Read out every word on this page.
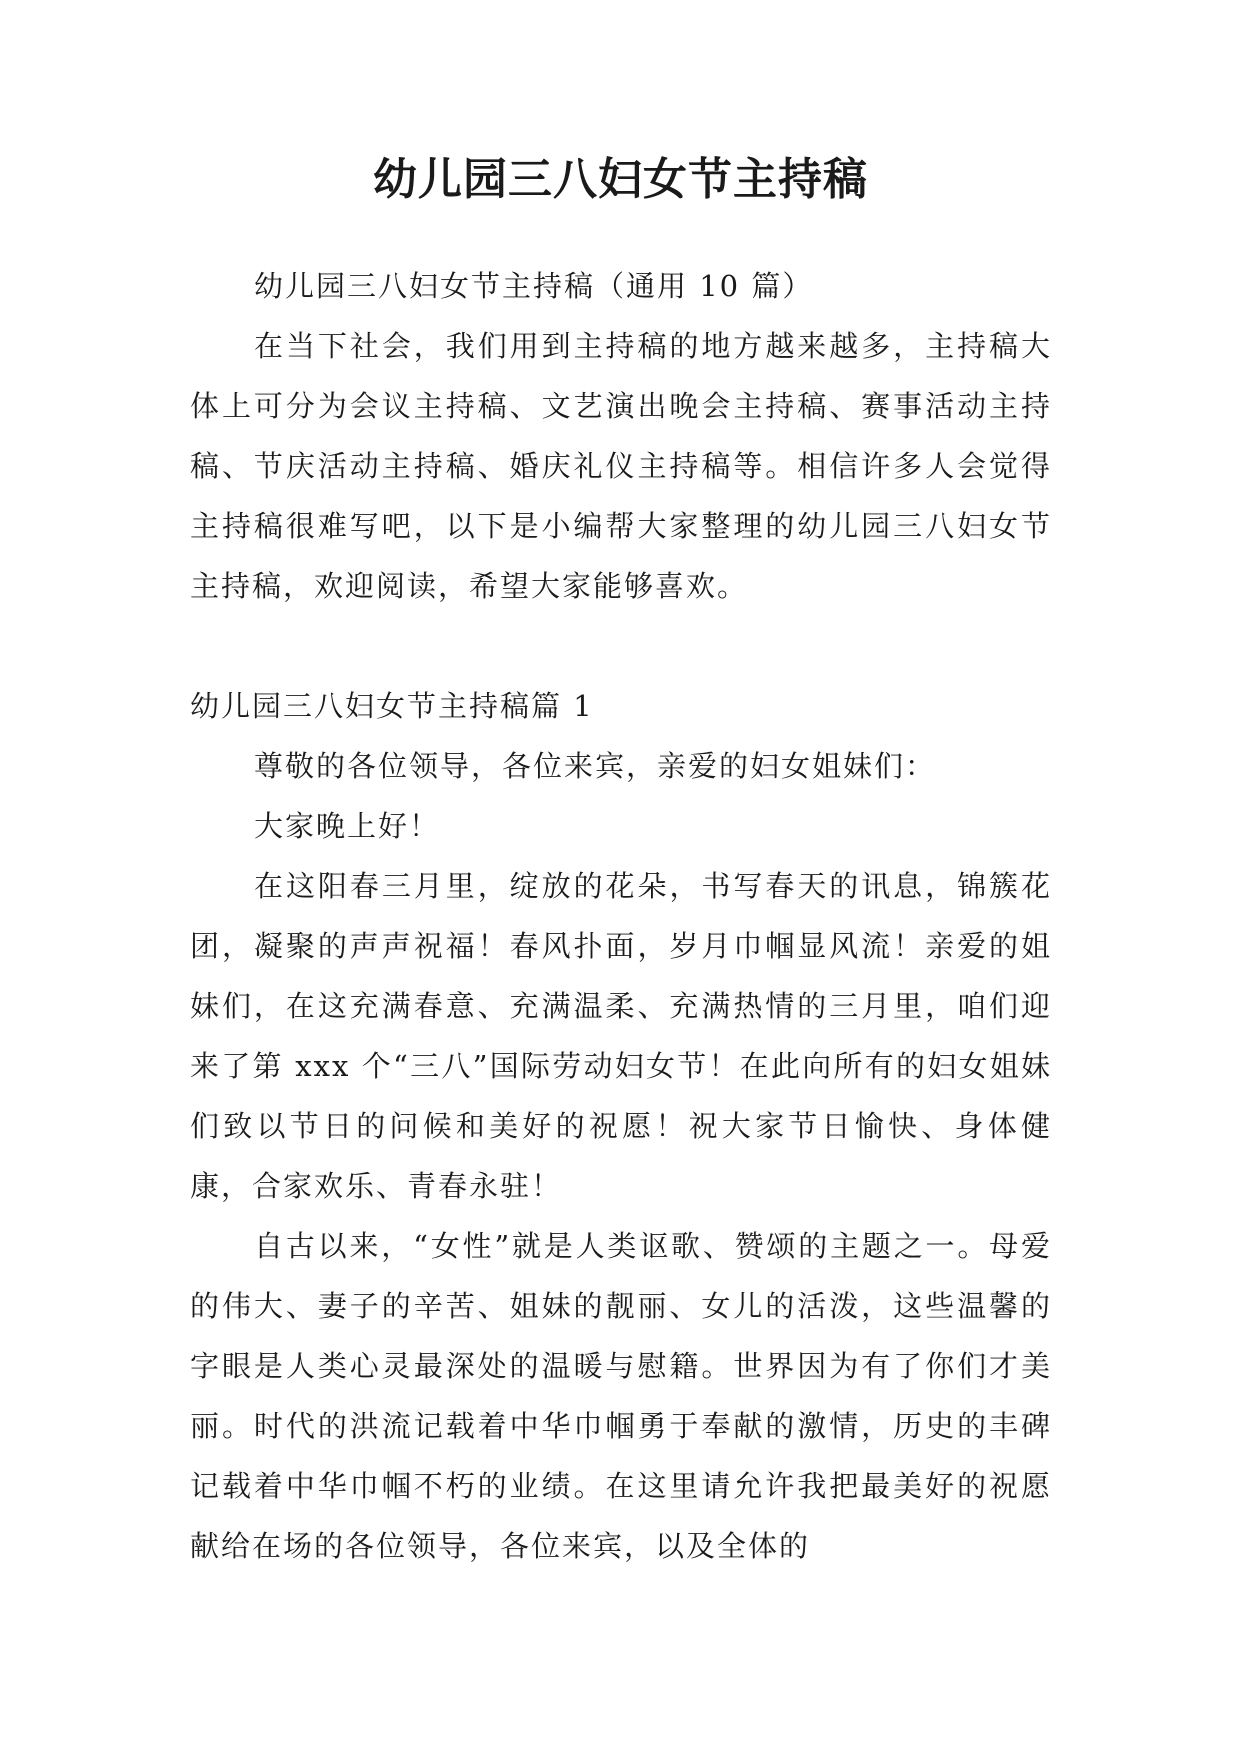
幼儿园三八妇女节主持稿

幼儿园三八妇女节主持稿（通用 10 篇）

在当下社会，我们用到主持稿的地方越来越多，主持稿大体上可分为会议主持稿、文艺演出晚会主持稿、赛事活动主持稿、节庆活动主持稿、婚庆礼仪主持稿等。相信许多人会觉得主持稿很难写吧，以下是小编帮大家整理的幼儿园三八妇女节主持稿，欢迎阅读，希望大家能够喜欢。

幼儿园三八妇女节主持稿篇 1

尊敬的各位领导，各位来宾，亲爱的妇女姐妹们：

大家晚上好！

在这阳春三月里，绽放的花朵，书写春天的讯息，锦簇花团，凝聚的声声祝福！春风扑面，岁月巾帼显风流！亲爱的姐妹们，在这充满春意、充满温柔、充满热情的三月里，咱们迎来了第 xxx 个“三八”国际劳动妇女节！在此向所有的妇女姐妹们致以节日的问候和美好的祝愿！祝大家节日愉快、身体健康，合家欢乐、青春永驻！

自古以来，“女性”就是人类讴歌、赞颂的主题之一。母爱的伟大、妻子的辛苦、姐妹的靓丽、女儿的活泼，这些温馨的字眼是人类心灵最深处的温暖与慰籍。世界因为有了你们才美丽。时代的洪流记载着中华巾帼勇于奉献的激情，历史的丰碑记载着中华巾帼不朽的业绩。在这里请允许我把最美好的祝愿献给在场的各位领导，各位来宾，以及全体的
